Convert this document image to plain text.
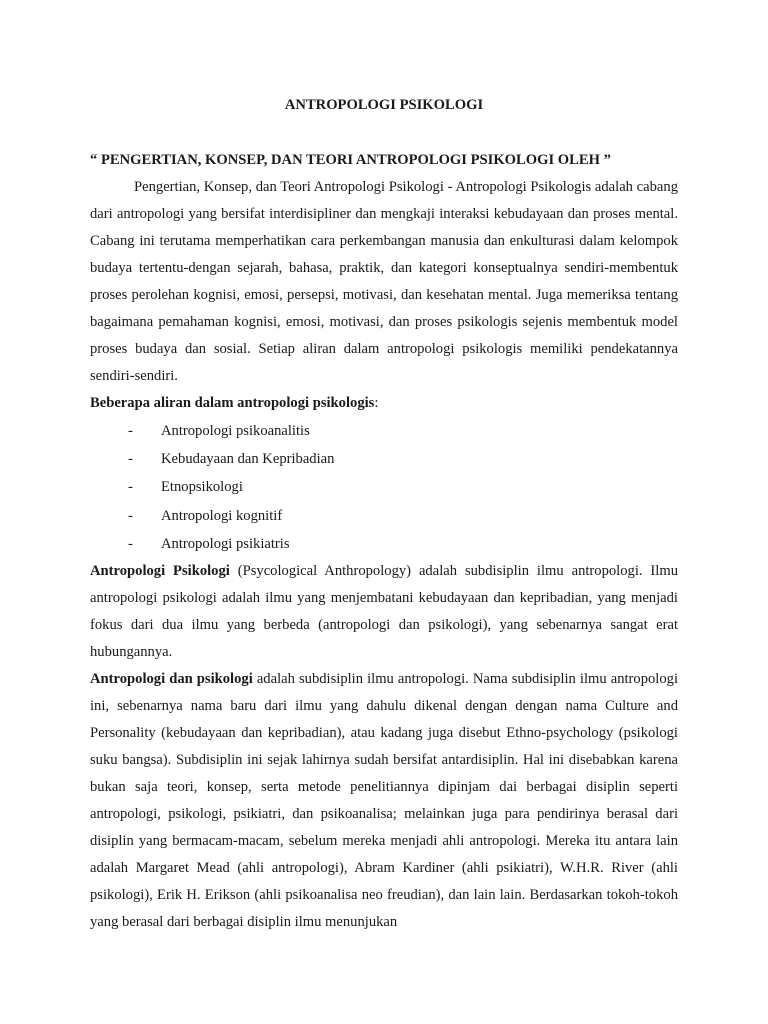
ANTROPOLOGI PSIKOLOGI
“ PENGERTIAN, KONSEP, DAN TEORI ANTROPOLOGI PSIKOLOGI OLEH ”

Pengertian, Konsep, dan Teori Antropologi Psikologi - Antropologi Psikologis adalah cabang dari antropologi yang bersifat interdisipliner dan mengkaji interaksi kebudayaan dan proses mental. Cabang ini terutama memperhatikan cara perkembangan manusia dan enkulturasi dalam kelompok budaya tertentu-dengan sejarah, bahasa, praktik, dan kategori konseptualnya sendiri-membentuk proses perolehan kognisi, emosi, persepsi, motivasi, dan kesehatan mental. Juga memeriksa tentang bagaimana pemahaman kognisi, emosi, motivasi, dan proses psikologis sejenis membentuk model proses budaya dan sosial. Setiap aliran dalam antropologi psikologis memiliki pendekatannya sendiri-sendiri.

Beberapa aliran dalam antropologi psikologis:

- Antropologi psikoanalitis
- Kebudayaan dan Kepribadian
- Etnopsikologi
- Antropologi kognitif
- Antropologi psikiatris

Antropologi Psikologi (Psycological Anthropology) adalah subdisiplin ilmu antropologi. Ilmu antropologi psikologi adalah ilmu yang menjembatani kebudayaan dan kepribadian, yang menjadi fokus dari dua ilmu yang berbeda (antropologi dan psikologi), yang sebenarnya sangat erat hubungannya.

Antropologi dan psikologi adalah subdisiplin ilmu antropologi. Nama subdisiplin ilmu antropologi ini, sebenarnya nama baru dari ilmu yang dahulu dikenal dengan dengan nama Culture and Personality (kebudayaan dan kepribadian), atau kadang juga disebut Ethno-psychology (psikologi suku bangsa). Subdisiplin ini sejak lahirnya sudah bersifat antardisiplin. Hal ini disebabkan karena bukan saja teori, konsep, serta metode penelitiannya dipinjam dai berbagai disiplin seperti antropologi, psikologi, psikiatri, dan psikoanalisa; melainkan juga para pendirinya berasal dari disiplin yang bermacam-macam, sebelum mereka menjadi ahli antropologi. Mereka itu antara lain adalah Margaret Mead (ahli antropologi), Abram Kardiner (ahli psikiatri), W.H.R. River (ahli psikologi), Erik H. Erikson (ahli psikoanalisa neo freudian), dan lain lain. Berdasarkan tokoh-tokoh yang berasal dari berbagai disiplin ilmu menunjukan
